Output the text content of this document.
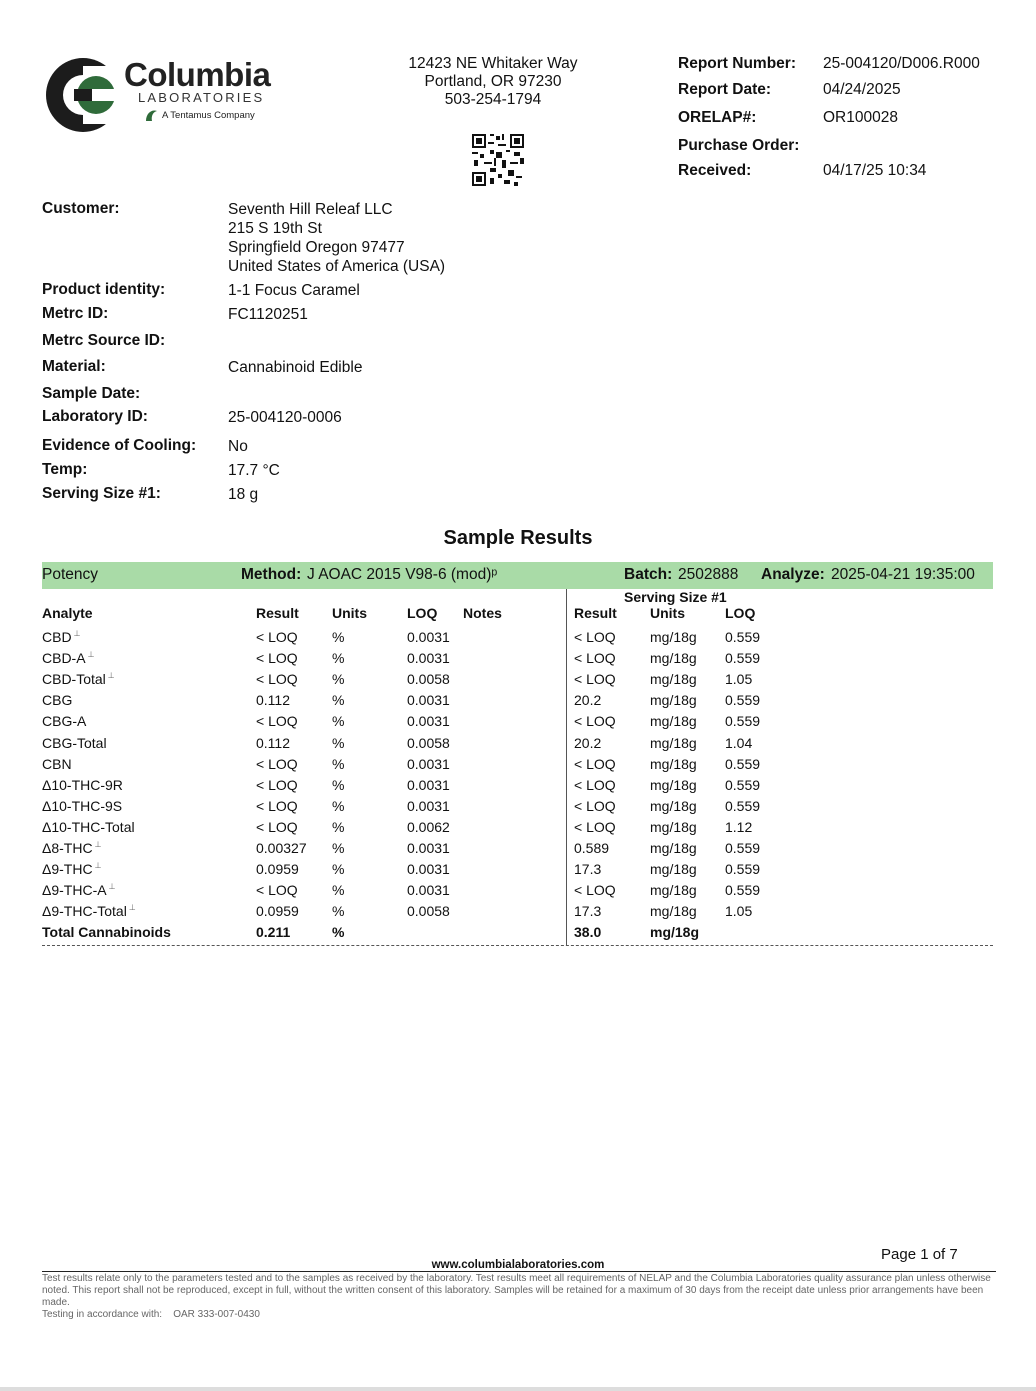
Columbia
LABORATORIES
A Tentamus Company
12423 NE Whitaker Way
Portland, OR 97230
503-254-1794
Report Number: 25-004120/D006.R000
Report Date:	04/24/2025
ORELAP#:	OR100028
Purchase Order:
Received:	04/17/25 10:34
Customer:	Seventh Hill Releaf LLC
215 S 19th St
Springfield Oregon 97477
United States of America (USA)
Product identity:	1-1 Focus Caramel
Metrc ID:	FC1120251
Metrc Source ID:
Material:	Cannabinoid Edible
Sample Date:
Laboratory ID:	25-004120-0006
Evidence of Cooling: No
Temp:	17.7 °C
Serving Size #1:	18 g
Sample Results
Potency	Method: J AOAC 2015 V98-6 (mod)ᵖ	Batch: 2502888 Analyze: 2025-04-21 19:35:00
Serving Size #1
Analyte	Result Units	LOQ Notes	Result Units	LOQ
CBD ⊥	< LOQ %	0.0031	< LOQ mg/18g 0.559
CBD-A ⊥	< LOQ %	0.0031	< LOQ mg/18g 0.559
CBD-Total ⊥	< LOQ %	0.0058	< LOQ mg/18g 1.05
CBG	0.112	%	0.0031	20.2	mg/18g 0.559
CBG-A	< LOQ %	0.0031	< LOQ mg/18g 0.559
CBG-Total	0.112	%	0.0058	20.2	mg/18g 1.04
CBN	< LOQ %	0.0031	< LOQ mg/18g 0.559
Δ10-THC-9R	< LOQ %	0.0031	< LOQ mg/18g 0.559
Δ10-THC-9S	< LOQ %	0.0031	< LOQ mg/18g 0.559
Δ10-THC-Total	< LOQ %	0.0062	< LOQ mg/18g 1.12
Δ8-THC ⊥	0.00327 %	0.0031	0.589	mg/18g 0.559
Δ9-THC ⊥	0.0959 %	0.0031	17.3	mg/18g 0.559
Δ9-THC-A ⊥	< LOQ %	0.0031	< LOQ mg/18g 0.559
Δ9-THC-Total ⊥	0.0959 %	0.0058	17.3	mg/18g 1.05
Total Cannabinoids	0.211	%	38.0	mg/18g
Page 1 of 7
www.columbialaboratories.com
Test results relate only to the parameters tested and to the samples as received by the laboratory. Test results meet all requirements of NELAP and the Columbia Laboratories quality assurance plan unless otherwise noted. This report shall not be reproduced, except in full, without the written consent of this laboratory. Samples will be retained for a maximum of 30 days from the receipt date unless prior arrangements have been made.
Testing in accordance with: OAR 333-007-0430
